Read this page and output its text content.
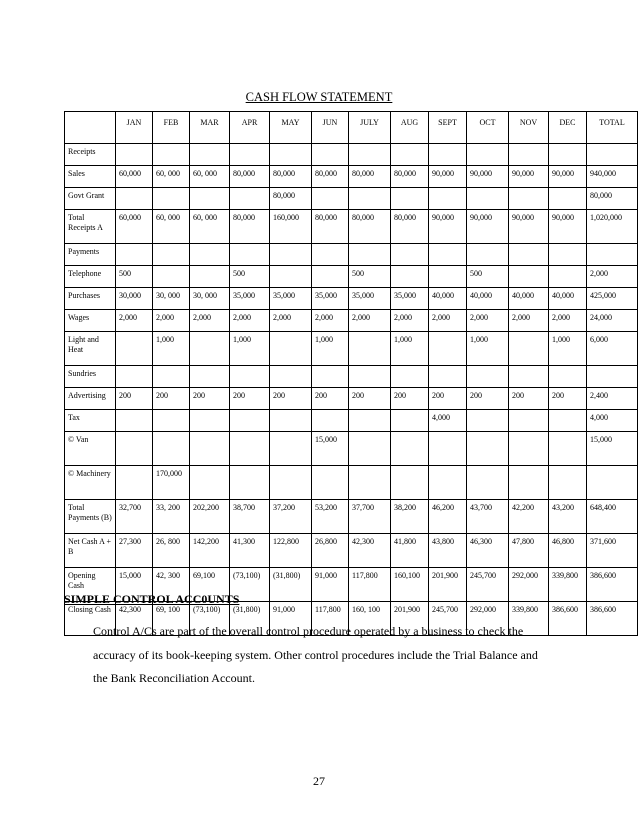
CASH FLOW STATEMENT
	JAN	FEB	MAR	APR	MAY	JUN	JULY	AUG	SEPT	OCT	NOV	DEC	TOTAL
Receipts													
Sales	60,000	60, 000	60, 000	80,000	80,000	80,000	80,000	80,000	90,000	90,000	90,000	90,000	940,000
Govt Grant					80,000								80,000
Total Receipts A	60,000	60, 000	60, 000	80,000	160,000	80,000	80,000	80,000	90,000	90,000	90,000	90,000	1,020,000
Payments													
Telephone	500			500			500			500			2,000
Purchases	30,000	30, 000	30, 000	35,000	35,000	35,000	35,000	35,000	40,000	40,000	40,000	40,000	425,000
Wages	2,000	2,000	2,000	2,000	2,000	2,000	2,000	2,000	2,000	2,000	2,000	2,000	24,000
Light and Heat		1,000		1,000		1,000		1,000		1,000		1,000	6,000
Sundries													
Advertising	200	200	200	200	200	200	200	200	200	200	200	200	2,400
Tax									4,000				4,000
© Van						15,000							15,000
© Machinery		170,000											
Total Payments (B)	32,700	33, 200	202,200	38,700	37,200	53,200	37,700	38,200	46,200	43,700	42,200	43,200	648,400
Net Cash A + B	27,300	26, 800	142,200	41,300	122,800	26,800	42,300	41,800	43,800	46,300	47,800	46,800	371,600
Opening Cash	15,000	42, 300	69,100	(73,100)	(31,800)	91,000	117,800	160,100	201,900	245,700	292,000	339,800	386,600
Closing Cash	42,300	69, 100	(73,100)	(31,800)	91,000	117,800	160, 100	201,900	245,700	292,000	339,800	386,600	386,600
SIMPLE CONTROL ACC0UNTS
Control A/Cs are part of the overall control procedure operated by a business to check the
accuracy of its book-keeping system. Other control procedures include the Trial Balance and
the Bank Reconciliation Account.
27
